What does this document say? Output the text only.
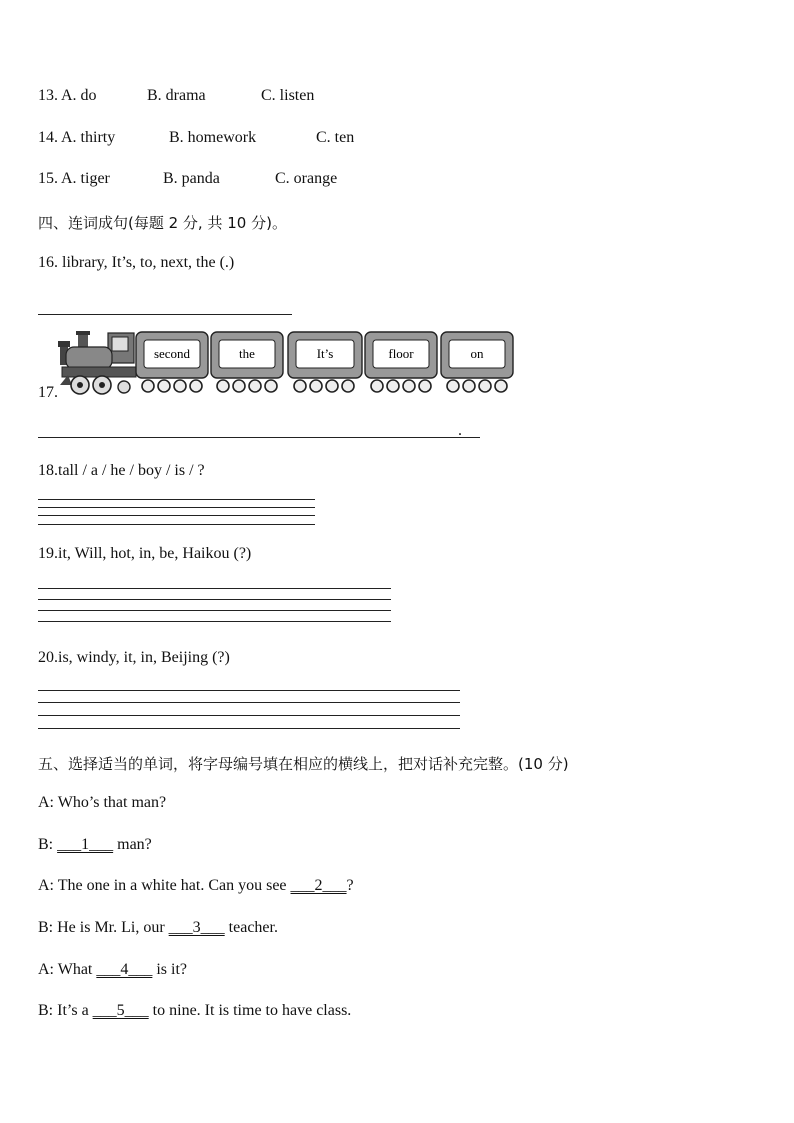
13. A. do	B. drama	C. listen
14. A. thirty	B. homework	C. ten
15. A. tiger	B. panda	C. orange
四、连词成句(每题 2 分, 共 10 分)。
16. library, It’s, to, next, the (.)
second	the	It’s	floor	on
17.
.
18.tall / a / he / boy / is / ?
19.it, Will, hot, in, be, Haikou (?)
20.is, windy, it, in, Beijing (?)
五、选择适当的单词，将字母编号填在相应的横线上，把对话补充完整。(10 分)
A: Who’s that man?
B: ___1___ man?
A: The one in a white hat. Can you see ___2___?
B: He is Mr. Li, our ___3___ teacher.
A: What ___4___ is it?
B: It’s a ___5___ to nine. It is time to have class.
